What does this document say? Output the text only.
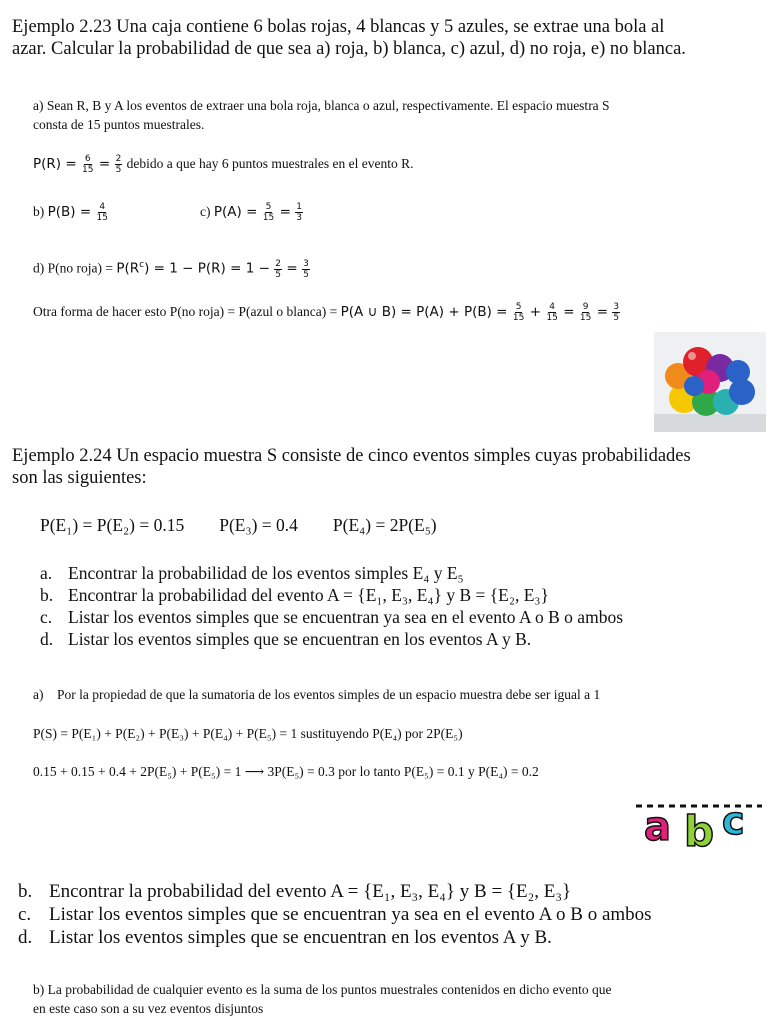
Ejemplo 2.23 Una caja contiene 6 bolas rojas, 4 blancas y 5 azules, se extrae una bola al
azar. Calcular la probabilidad de que sea a) roja, b) blanca, c) azul, d) no roja, e) no blanca.
a) Sean R, B y A los eventos de extraer una bola roja, blanca o azul, respectivamente. El espacio muestra S
consta de 15 puntos muestrales.
$P(R) = \frac{6}{15} = \frac{2}{5}$ debido a que hay 6 puntos muestrales en el evento R.
b) $P(B) = \frac{4}{15}$	c) $P(A) = \frac{5}{15} = \frac{1}{3}$
d) P(no roja) = $P(R^c) = 1 - P(R) = 1 - \frac{2}{5} = \frac{3}{5}$
Otra forma de hacer esto P(no roja) = P(azul o blanca) = P(A ∪ $B) = P(A) + P(B) = \frac{5}{15} + \frac{4}{15} = \frac{9}{15} = \frac{3}{5}$
Ejemplo 2.24 Un espacio muestra S consiste de cinco eventos simples cuyas probabilidades
son las siguientes:
P(E₁) = P(E₂) = 0.15        P(E₃) = 0.4        P(E₄) = 2P(E₅)
a. Encontrar la probabilidad de los eventos simples E₄ y E₅
b. Encontrar la probabilidad del evento A = {E₁, E₃, E₄} y B = {E₂, E₃}
c. Listar los eventos simples que se encuentran ya sea en el evento A o B o ambos
d. Listar los eventos simples que se encuentran en los eventos A y B.
a)    Por la propiedad de que la sumatoria de los eventos simples de un espacio muestra debe ser igual a 1
P(S) = P(E₁) + P(E₂) + P(E₃) + P(E₄) + P(E₅) = 1 sustituyendo P(E₄) por 2P(E₅)
0.15 + 0.15 + 0.4 + 2P(E₅) + P(E₅) = 1 ⟶ 3P(E₅) = 0.3 por lo tanto P(E₅) = 0.1 y P(E₄) = 0.2
a b c
b. Encontrar la probabilidad del evento A = {E₁, E₃, E₄} y B = {E₂, E₃}
c. Listar los eventos simples que se encuentran ya sea en el evento A o B o ambos
d. Listar los eventos simples que se encuentran en los eventos A y B.
b) La probabilidad de cualquier evento es la suma de los puntos muestrales contenidos en dicho evento que
en este caso son a su vez eventos disjuntos
